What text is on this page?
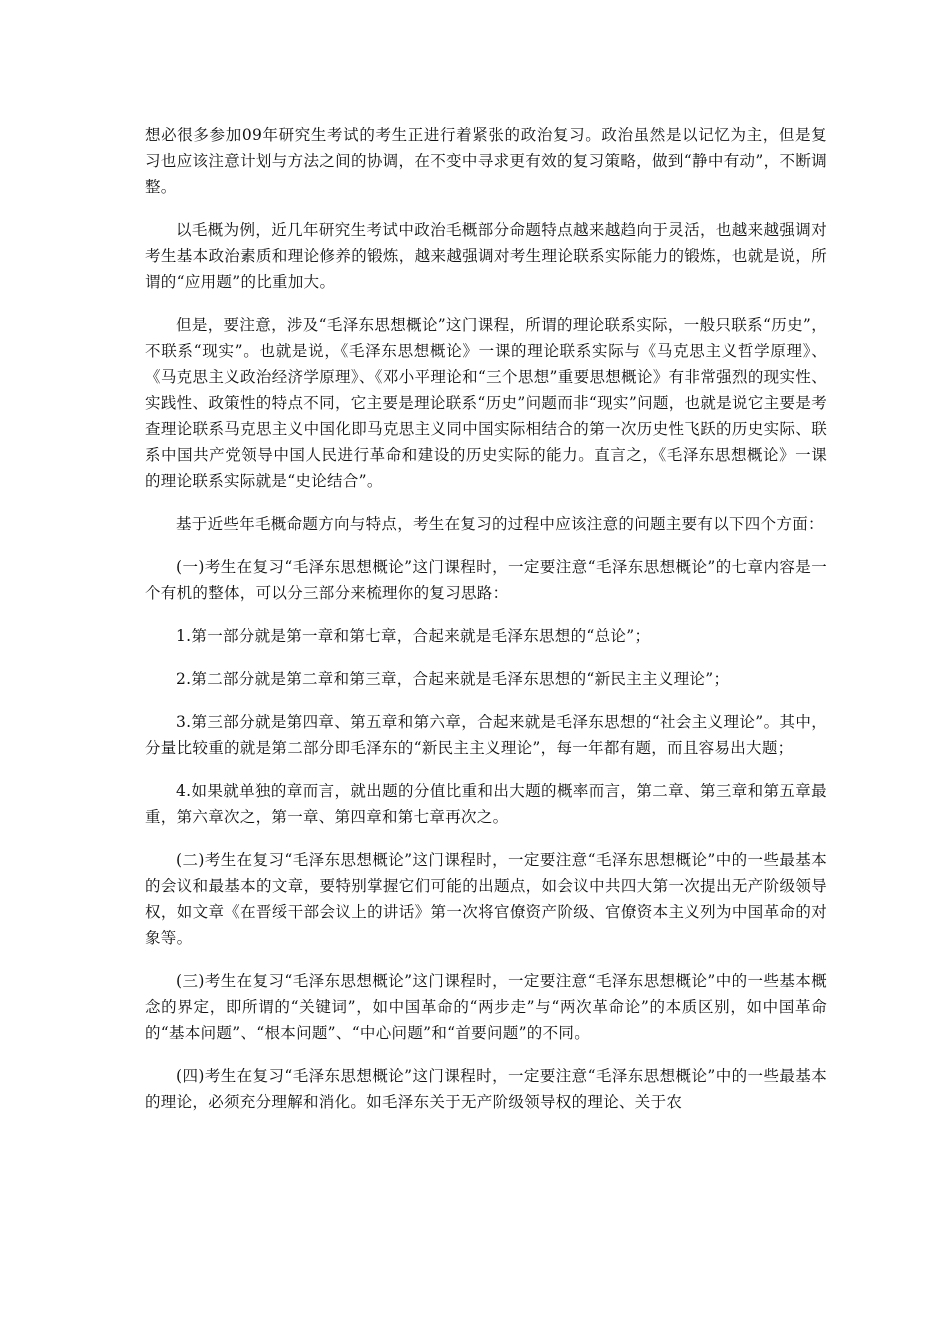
想必很多参加09年研究生考试的考生正进行着紧张的政治复习。政治虽然是以记忆为主，但是复习也应该注意计划与方法之间的协调，在不变中寻求更有效的复习策略，做到“静中有动”，不断调整。

以毛概为例，近几年研究生考试中政治毛概部分命题特点越来越趋向于灵活，也越来越强调对考生基本政治素质和理论修养的锻炼，越来越强调对考生理论联系实际能力的锻炼，也就是说，所谓的“应用题”的比重加大。

但是，要注意，涉及“毛泽东思想概论”这门课程，所谓的理论联系实际，一般只联系“历史”，不联系“现实”。也就是说，《毛泽东思想概论》一课的理论联系实际与《马克思主义哲学原理》、《马克思主义政治经济学原理》、《邓小平理论和“三个思想”重要思想概论》有非常强烈的现实性、实践性、政策性的特点不同，它主要是理论联系“历史”问题而非“现实”问题，也就是说它主要是考查理论联系马克思主义中国化即马克思主义同中国实际相结合的第一次历史性飞跃的历史实际、联系中国共产党领导中国人民进行革命和建设的历史实际的能力。直言之，《毛泽东思想概论》一课的理论联系实际就是“史论结合”。

基于近些年毛概命题方向与特点，考生在复习的过程中应该注意的问题主要有以下四个方面：

(一)考生在复习“毛泽东思想概论”这门课程时，一定要注意“毛泽东思想概论”的七章内容是一个有机的整体，可以分三部分来梳理你的复习思路：

1.第一部分就是第一章和第七章，合起来就是毛泽东思想的“总论”；

2.第二部分就是第二章和第三章，合起来就是毛泽东思想的“新民主主义理论”；

3.第三部分就是第四章、第五章和第六章，合起来就是毛泽东思想的“社会主义理论”。其中，分量比较重的就是第二部分即毛泽东的“新民主主义理论”，每一年都有题，而且容易出大题；

4.如果就单独的章而言，就出题的分值比重和出大题的概率而言，第二章、第三章和第五章最重，第六章次之，第一章、第四章和第七章再次之。

(二)考生在复习“毛泽东思想概论”这门课程时，一定要注意“毛泽东思想概论”中的一些最基本的会议和最基本的文章，要特别掌握它们可能的出题点，如会议中共四大第一次提出无产阶级领导权，如文章《在晋绥干部会议上的讲话》第一次将官僚资产阶级、官僚资本主义列为中国革命的对象等。

(三)考生在复习“毛泽东思想概论”这门课程时，一定要注意“毛泽东思想概论”中的一些基本概念的界定，即所谓的“关键词”，如中国革命的“两步走”与“两次革命论”的本质区别，如中国革命的“基本问题”、“根本问题”、“中心问题”和“首要问题”的不同。

(四)考生在复习“毛泽东思想概论”这门课程时，一定要注意“毛泽东思想概论”中的一些最基本的理论，必须充分理解和消化。如毛泽东关于无产阶级领导权的理论、关于农
